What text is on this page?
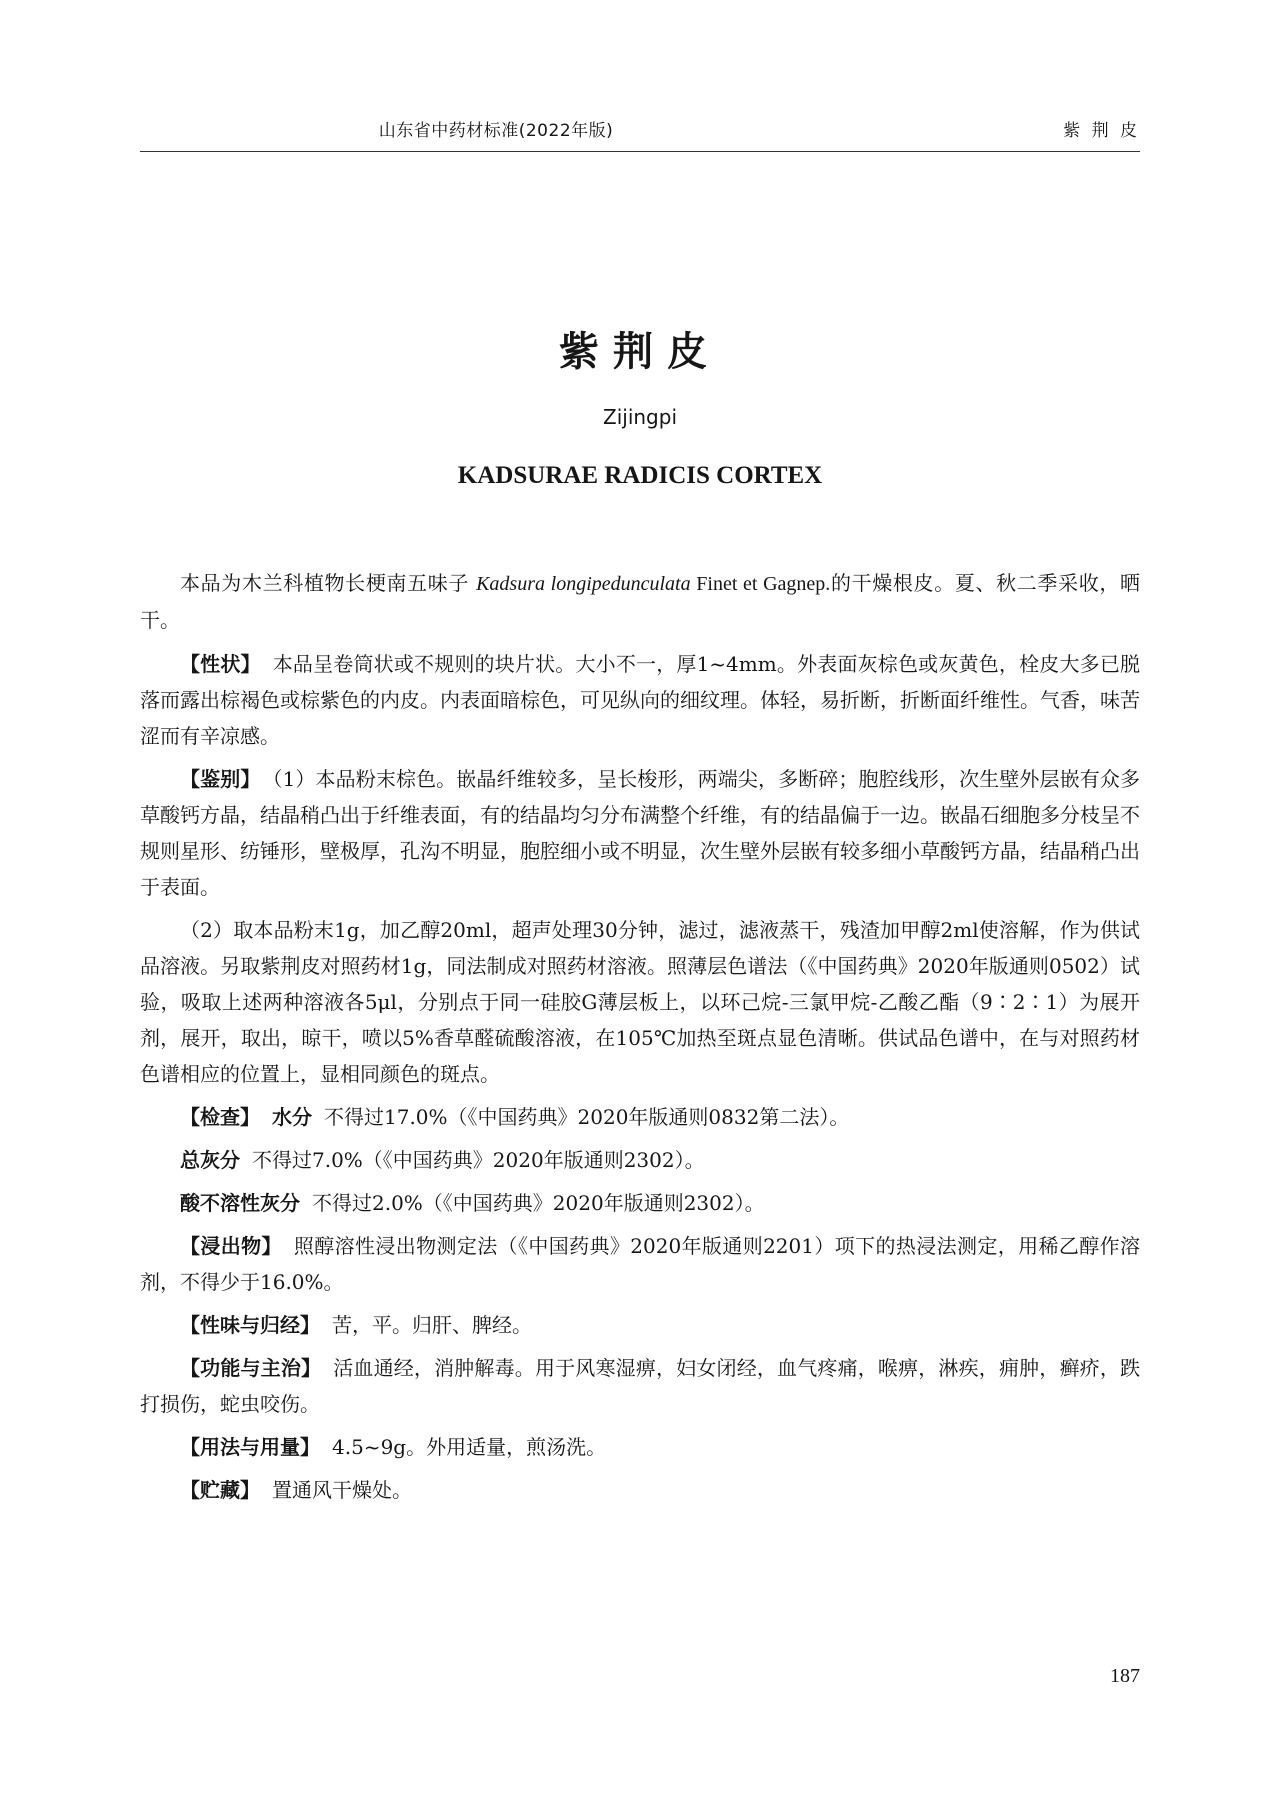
山东省中药材标准(2022年版)	紫 荆 皮
紫荆皮
Zijingpi
KADSURAE RADICIS CORTEX

本品为木兰科植物长梗南五味子 Kadsura longipedunculata Finet et Gagnep.的干燥根皮。夏、秋二季采收，晒干。

【性状】 本品呈卷筒状或不规则的块片状。大小不一，厚1~4mm。外表面灰棕色或灰黄色，栓皮大多已脱落而露出棕褐色或棕紫色的内皮。内表面暗棕色，可见纵向的细纹理。体轻，易折断，折断面纤维性。气香，味苦涩而有辛凉感。

【鉴别】 （1）本品粉末棕色。嵌晶纤维较多，呈长梭形，两端尖，多断碎；胞腔线形，次生壁外层嵌有众多草酸钙方晶，结晶稍凸出于纤维表面，有的结晶均匀分布满整个纤维，有的结晶偏于一边。嵌晶石细胞多分枝呈不规则星形、纺锤形，壁极厚，孔沟不明显，胞腔细小或不明显，次生壁外层嵌有较多细小草酸钙方晶，结晶稍凸出于表面。

（2）取本品粉末1g，加乙醇20ml，超声处理30分钟，滤过，滤液蒸干，残渣加甲醇2ml使溶解，作为供试品溶液。另取紫荆皮对照药材1g，同法制成对照药材溶液。照薄层色谱法（《中国药典》2020年版通则0502）试验，吸取上述两种溶液各5μl，分别点于同一硅胶G薄层板上，以环己烷-三氯甲烷-乙酸乙酯（9∶2∶1）为展开剂，展开，取出，晾干，喷以5%香草醛硫酸溶液，在105℃加热至斑点显色清晰。供试品色谱中，在与对照药材色谱相应的位置上，显相同颜色的斑点。

【检查】 水分 不得过17.0%（《中国药典》2020年版通则0832第二法）。

总灰分 不得过7.0%（《中国药典》2020年版通则2302）。

酸不溶性灰分 不得过2.0%（《中国药典》2020年版通则2302）。

【浸出物】 照醇溶性浸出物测定法（《中国药典》2020年版通则2201）项下的热浸法测定，用稀乙醇作溶剂，不得少于16.0%。

【性味与归经】 苦，平。归肝、脾经。

【功能与主治】 活血通经，消肿解毒。用于风寒湿痹，妇女闭经，血气疼痛，喉痹，淋疾，痈肿，癣疥，跌打损伤，蛇虫咬伤。

【用法与用量】 4.5~9g。外用适量，煎汤洗。

【贮藏】 置通风干燥处。

187
